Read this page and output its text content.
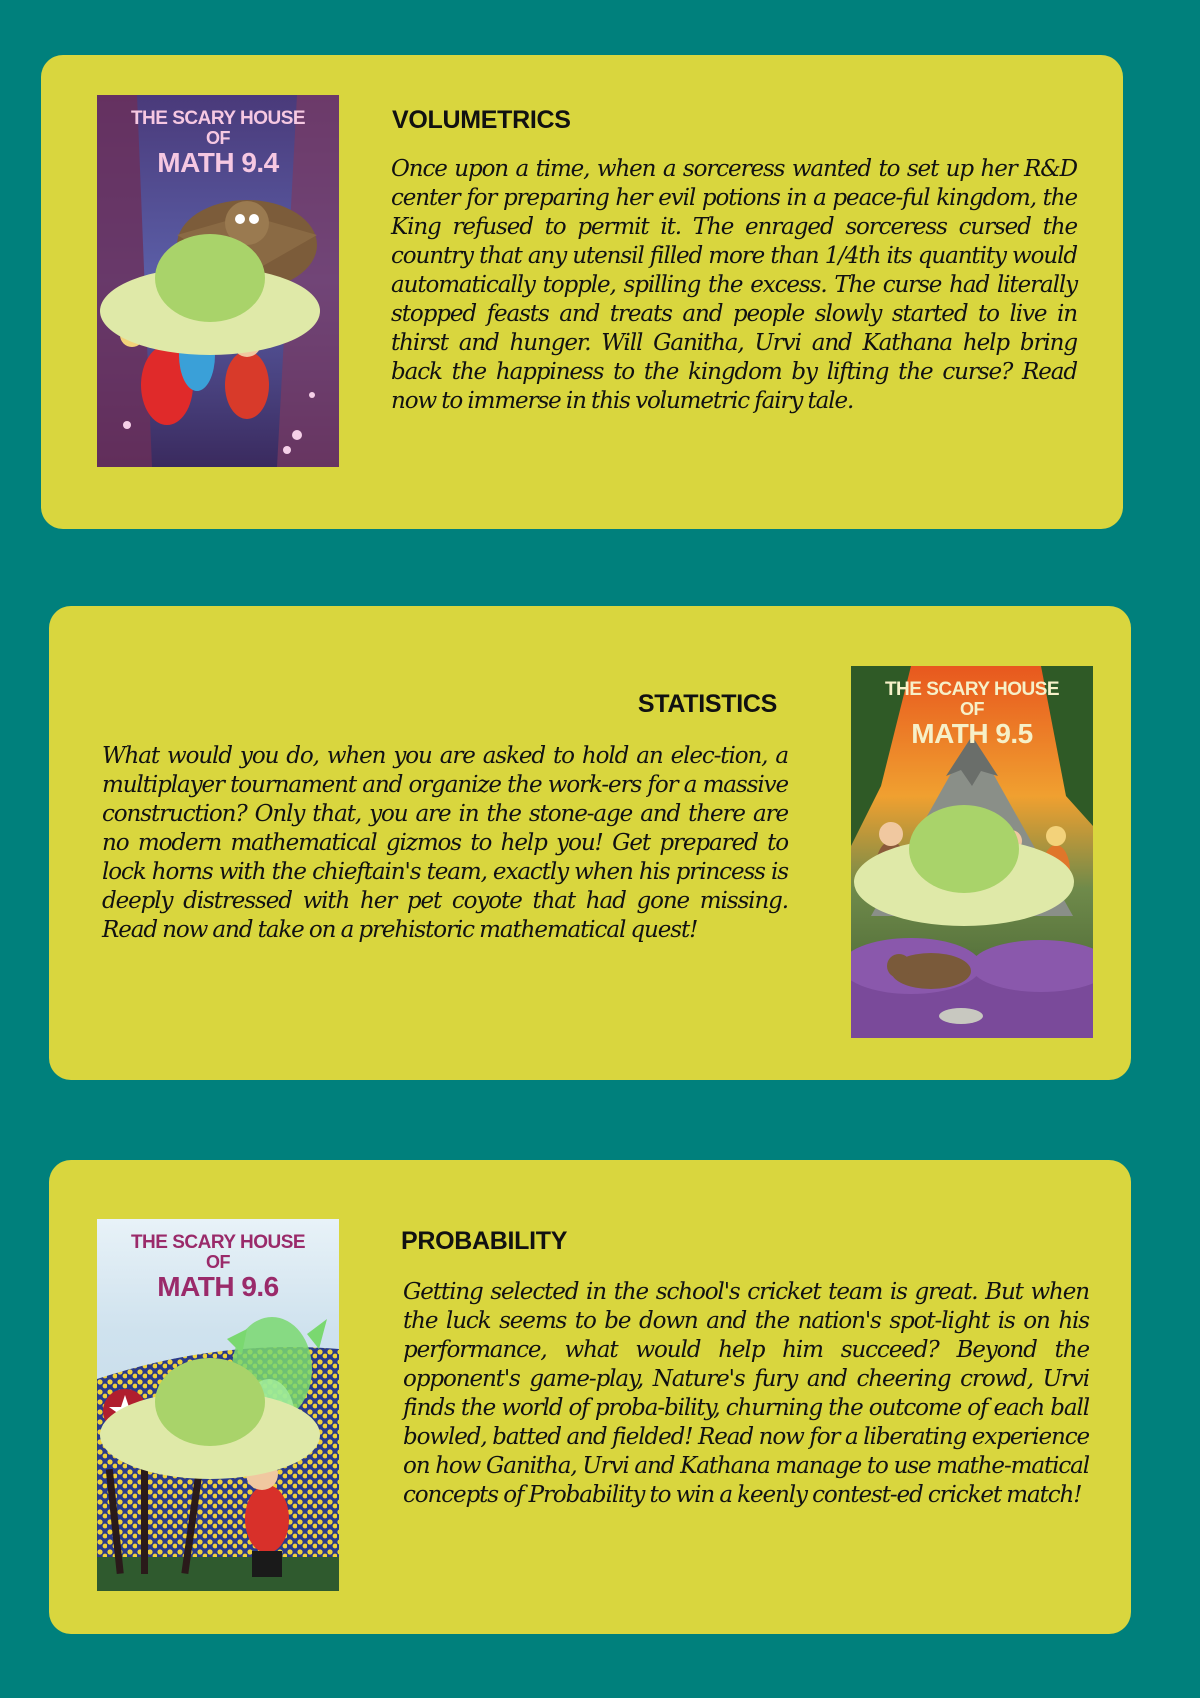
THE SCARY HOUSE
OF
MATH 9.4
VOLUMETRICS

Once upon a time, when a sorceress wanted to set up her R&D center for preparing her evil potions in a peace-ful kingdom, the King refused to permit it. The enraged sorceress cursed the country that any utensil filled more than 1/4th its quantity would automatically topple, spilling the excess. The curse had literally stopped feasts and treats and people slowly started to live in thirst and hunger. Will Ganitha, Urvi and Kathana help bring back the happiness to the kingdom by lifting the curse? Read now to immerse in this volumetric fairy tale.

STATISTICS

What would you do, when you are asked to hold an elec-tion, a multiplayer tournament and organize the work-ers for a massive construction? Only that, you are in the stone-age and there are no modern mathematical gizmos to help you! Get prepared to lock horns with the chieftain's team, exactly when his princess is deeply distressed with her pet coyote that had gone missing. Read now and take on a prehistoric mathematical quest!

THE SCARY HOUSE
OF
MATH 9.5
THE SCARY HOUSE
OF
MATH 9.6
PROBABILITY

Getting selected in the school's cricket team is great. But when the luck seems to be down and the nation's spot-light is on his performance, what would help him succeed? Beyond the opponent's game-play, Nature's fury and cheering crowd, Urvi finds the world of proba-bility, churning the outcome of each ball bowled, batted and fielded! Read now for a liberating experience on how Ganitha, Urvi and Kathana manage to use mathe-matical concepts of Probability to win a keenly contest-ed cricket match!
